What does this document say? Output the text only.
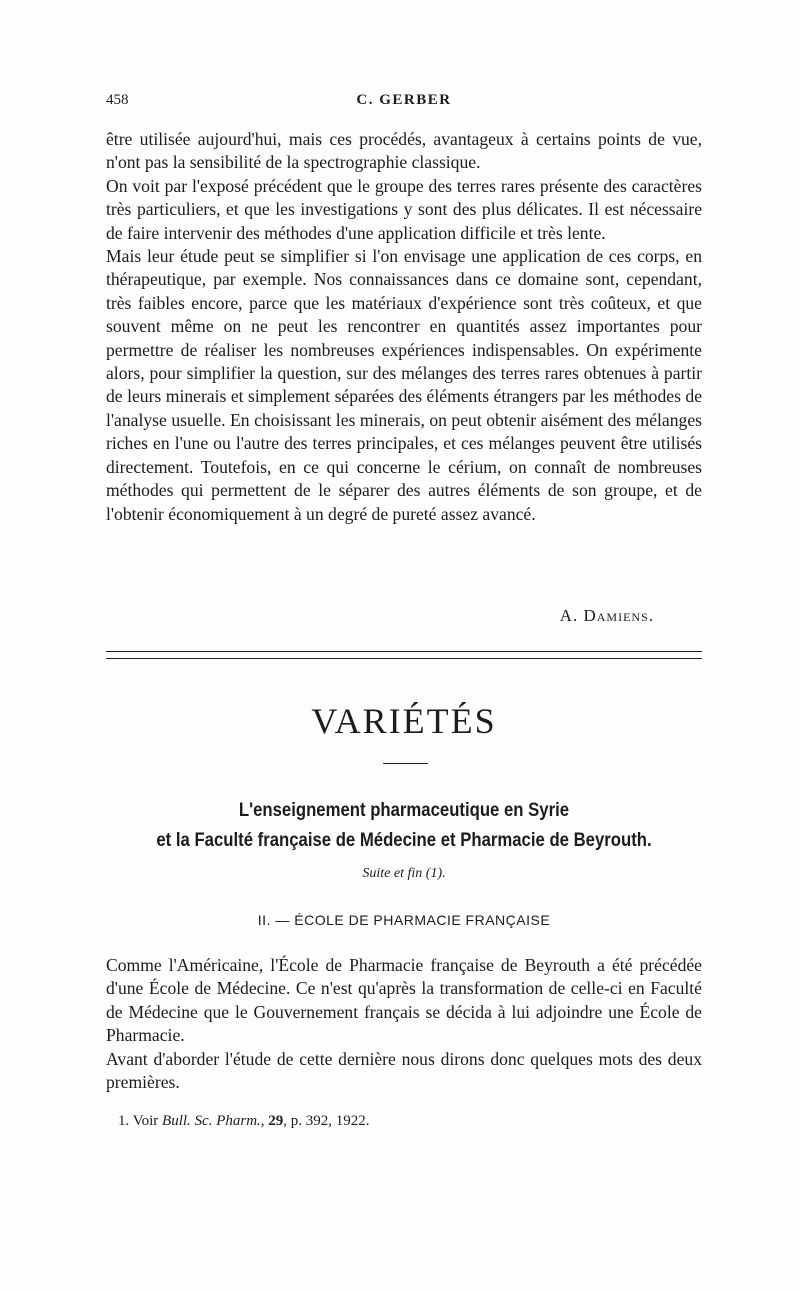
458	C. GERBER

être utilisée aujourd'hui, mais ces procédés, avantageux à certains points de vue, n'ont pas la sensibilité de la spectrographie classique.

On voit par l'exposé précédent que le groupe des terres rares présente des caractères très particuliers, et que les investigations y sont des plus délicates. Il est nécessaire de faire intervenir des méthodes d'une application difficile et très lente.

Mais leur étude peut se simplifier si l'on envisage une application de ces corps, en thérapeutique, par exemple. Nos connaissances dans ce domaine sont, cependant, très faibles encore, parce que les matériaux d'expérience sont très coûteux, et que souvent même on ne peut les rencontrer en quantités assez importantes pour permettre de réaliser les nombreuses expériences indispensables. On expérimente alors, pour simplifier la question, sur des mélanges des terres rares obtenues à partir de leurs minerais et simplement séparées des éléments étrangers par les méthodes de l'analyse usuelle. En choisissant les minerais, on peut obtenir aisément des mélanges riches en l'une ou l'autre des terres principales, et ces mélanges peuvent être utilisés directement. Toutefois, en ce qui concerne le cérium, on connaît de nombreuses méthodes qui permettent de le séparer des autres éléments de son groupe, et de l'obtenir économiquement à un degré de pureté assez avancé.

A. Damiens.
VARIÉTÉS
L'enseignement pharmaceutique en Syrie
et la Faculté française de Médecine et Pharmacie de Beyrouth.
Suite et fin (1).
II. — ÉCOLE DE PHARMACIE FRANÇAISE

Comme l'Américaine, l'École de Pharmacie française de Beyrouth a été précédée d'une École de Médecine. Ce n'est qu'après la transformation de celle-ci en Faculté de Médecine que le Gouvernement français se décida à lui adjoindre une École de Pharmacie.

Avant d'aborder l'étude de cette dernière nous dirons donc quelques mots des deux premières.

1. Voir Bull. Sc. Pharm., 29, p. 392, 1922.
